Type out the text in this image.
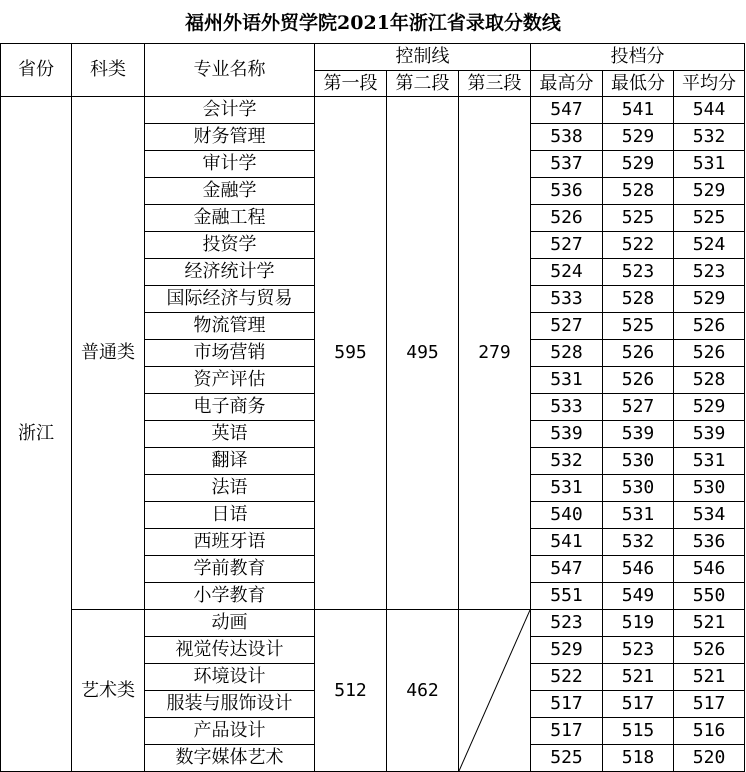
福州外语外贸学院2021年浙江省录取分数线
省份	科类	专业名称	控制线			投档分		
			第一段	第二段	第三段	最高分	最低分	平均分
浙江	普通类	会计学	595	495	279	547	541	544
		财务管理				538	529	532
		审计学				537	529	531
		金融学				536	528	529
		金融工程				526	525	525
		投资学				527	522	524
		经济统计学				524	523	523
		国际经济与贸易				533	528	529
		物流管理				527	525	526
		市场营销				528	526	526
		资产评估				531	526	528
		电子商务				533	527	529
		英语				539	539	539
		翻译				532	530	531
		法语				531	530	530
		日语				540	531	534
		西班牙语				541	532	536
		学前教育				547	546	546
		小学教育				551	549	550
	艺术类	动画	512	462		523	519	521
		视觉传达设计				529	523	526
		环境设计				522	521	521
		服装与服饰设计				517	517	517
		产品设计				517	515	516
		数字媒体艺术				525	518	520
